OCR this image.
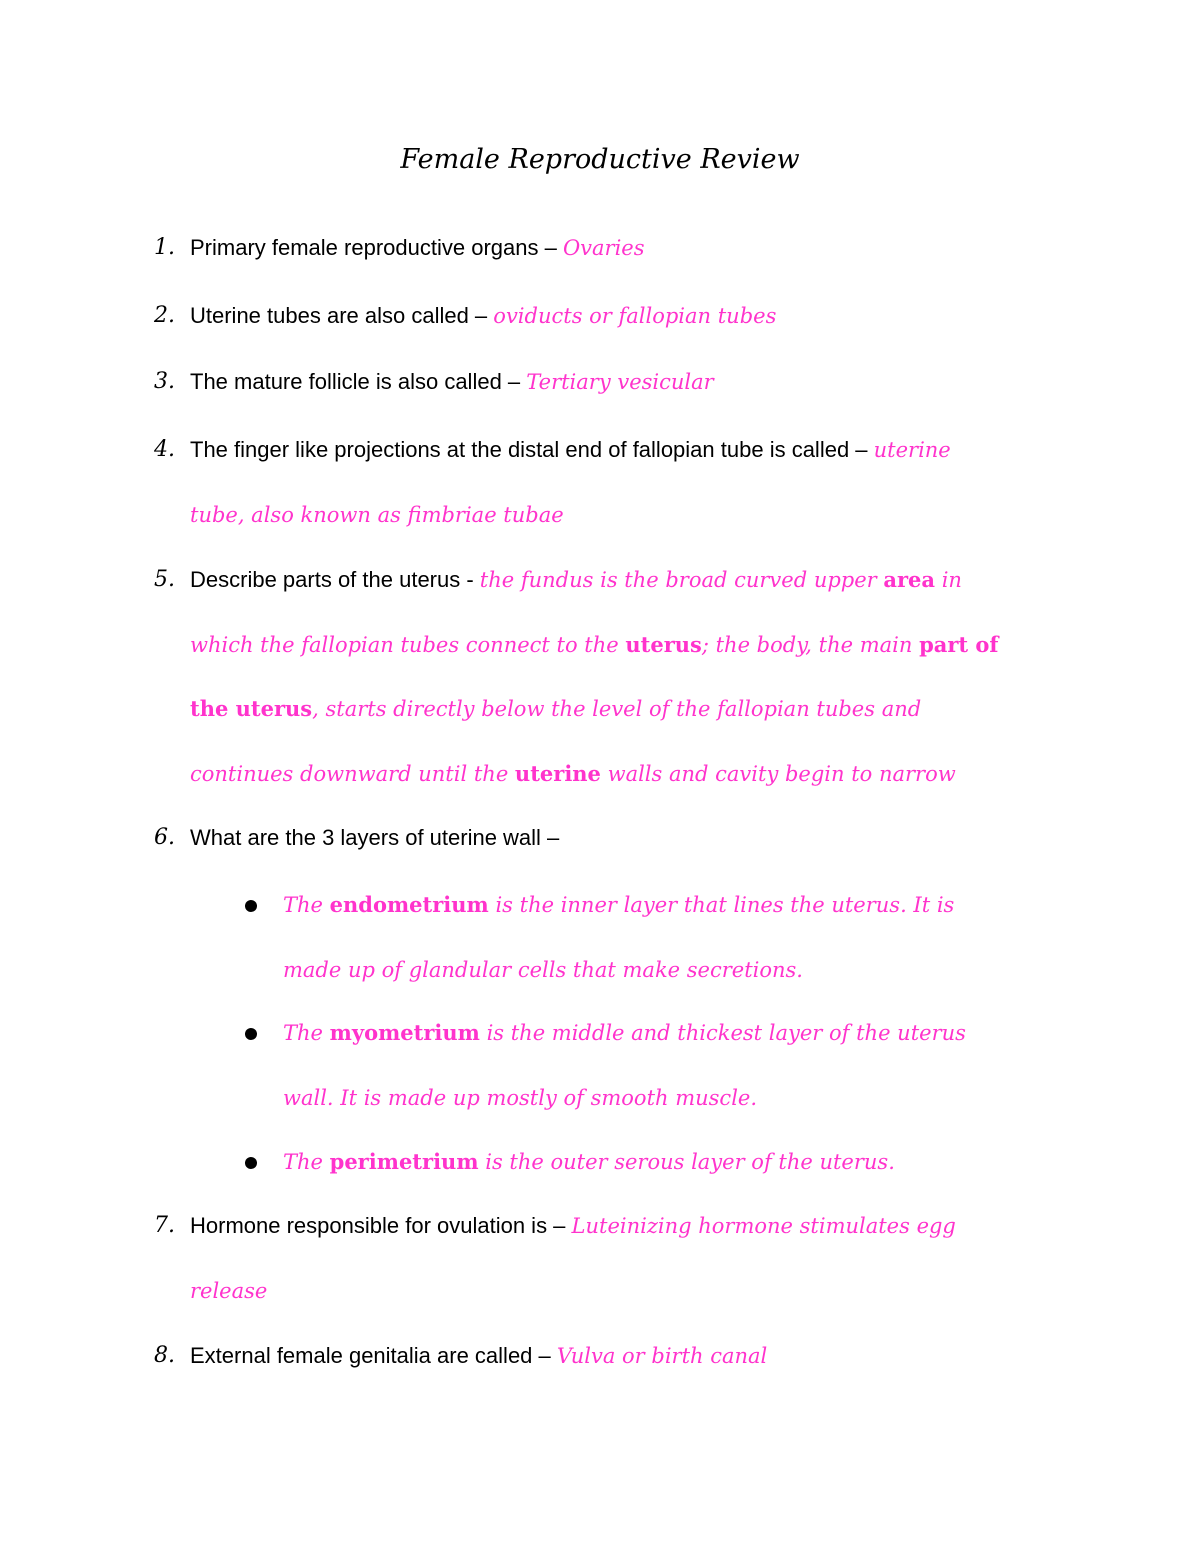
Female Reproductive Review
1. Primary female reproductive organs – Ovaries
2. Uterine tubes are also called – oviducts or fallopian tubes
3. The mature follicle is also called – Tertiary vesicular
4. The finger like projections at the distal end of fallopian tube is called – uterine
tube, also known as fimbriae tubae
5. Describe parts of the uterus - the fundus is the broad curved upper area in
which the fallopian tubes connect to the uterus; the body, the main part of
the uterus, starts directly below the level of the fallopian tubes and
continues downward until the uterine walls and cavity begin to narrow
6. What are the 3 layers of uterine wall –
The endometrium is the inner layer that lines the uterus. It is
made up of glandular cells that make secretions.
The myometrium is the middle and thickest layer of the uterus
wall. It is made up mostly of smooth muscle.
The perimetrium is the outer serous layer of the uterus.
7. Hormone responsible for ovulation is – Luteinizing hormone stimulates egg
release
8. External female genitalia are called – Vulva or birth canal
